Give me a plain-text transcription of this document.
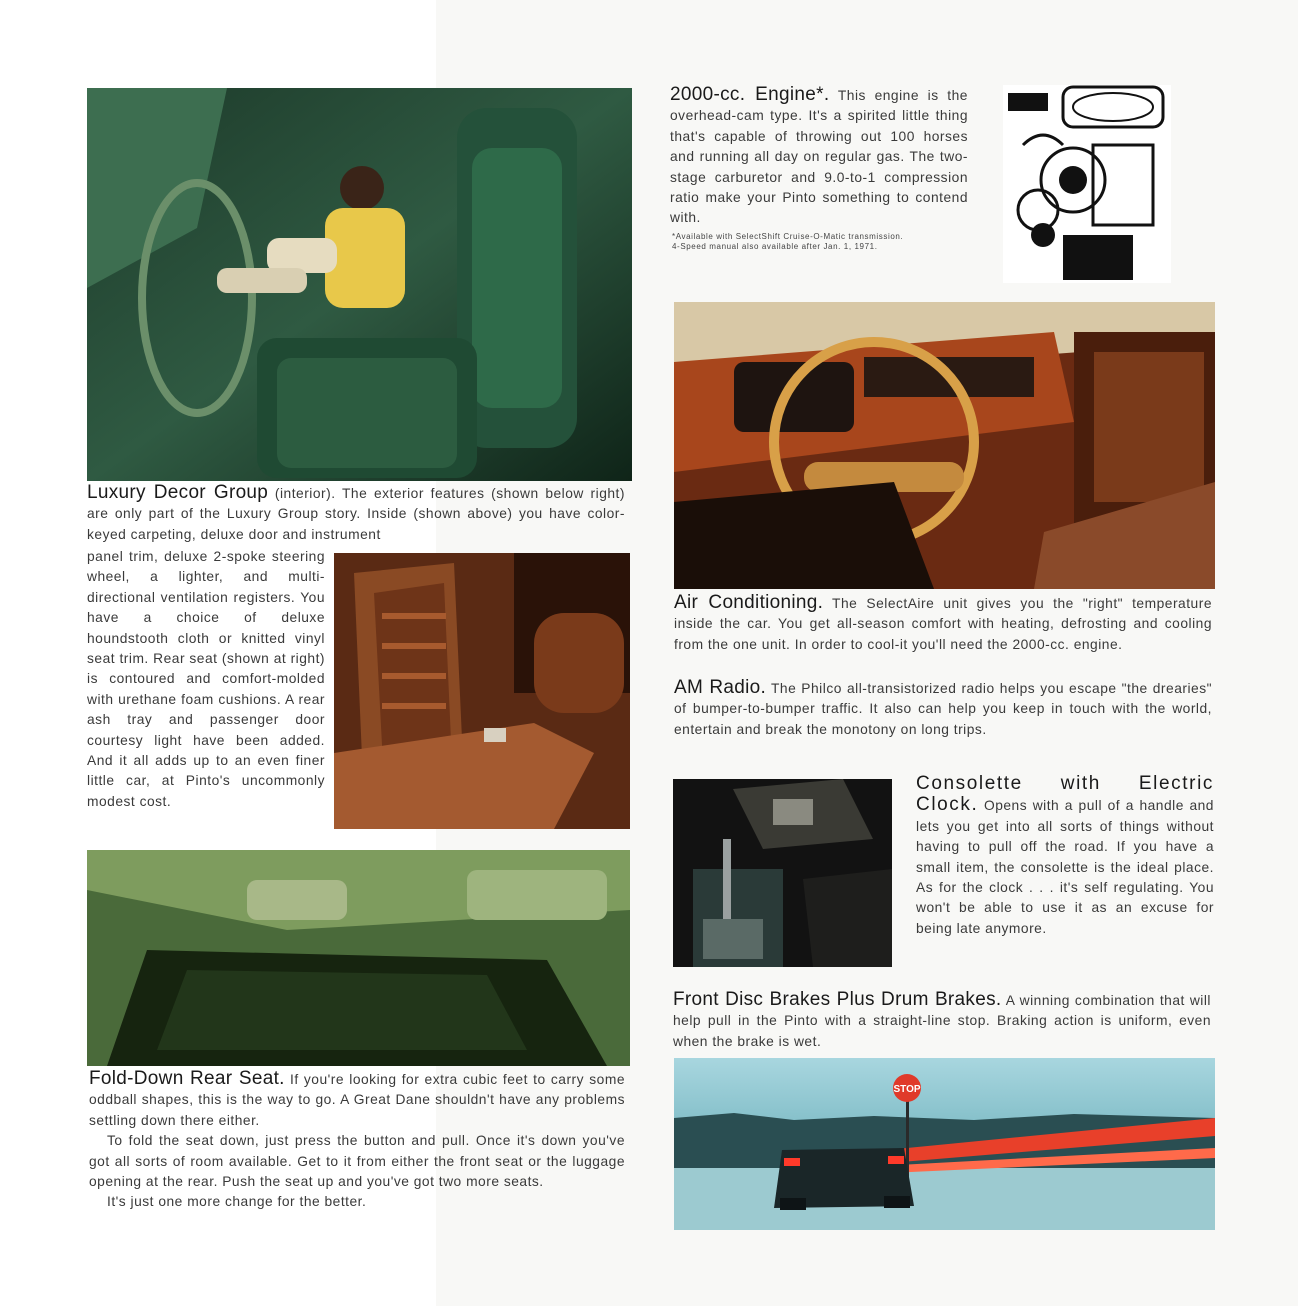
Luxury Decor Group (interior). The exterior features (shown below right) are only part of the Luxury Group story. Inside (shown above) you have color-keyed carpeting, deluxe door and instrument

panel trim, deluxe 2-spoke steering wheel, a lighter, and multi-directional ventilation registers. You have a choice of deluxe houndstooth cloth or knitted vinyl seat trim. Rear seat (shown at right) is contoured and comfort-molded with urethane foam cushions. A rear ash tray and passenger door courtesy light have been added. And it all adds up to an even finer little car, at Pinto's uncommonly modest cost.

Fold-Down Rear Seat. If you're looking for extra cubic feet to carry some oddball shapes, this is the way to go. A Great Dane shouldn't have any problems settling down there either.

To fold the seat down, just press the button and pull. Once it's down you've got all sorts of room available. Get to it from either the front seat or the luggage opening at the rear. Push the seat up and you've got two more seats.

It's just one more change for the better.

2000-cc. Engine*. This engine is the overhead-cam type. It's a spirited little thing that's capable of throwing out 100 horses and running all day on regular gas. The two-stage carburetor and 9.0-to-1 compression ratio make your Pinto something to contend with.

*Available with SelectShift Cruise-O-Matic transmission.

4-Speed manual also available after Jan. 1, 1971.

Air Conditioning. The SelectAire unit gives you the "right" temperature inside the car. You get all-season comfort with heating, defrosting and cooling from the one unit. In order to cool-it you'll need the 2000-cc. engine.

AM Radio. The Philco all-transistorized radio helps you escape "the drearies" of bumper-to-bumper traffic. It also can help you keep in touch with the world, entertain and break the monotony on long trips.

Consolette with Electric Clock. Opens with a pull of a handle and lets you get into all sorts of things without having to pull off the road. If you have a small item, the consolette is the ideal place. As for the clock . . . it's self regulating. You won't be able to use it as an excuse for being late anymore.

Front Disc Brakes Plus Drum Brakes. A winning combination that will help pull in the Pinto with a straight-line stop. Braking action is uniform, even when the brake is wet.

STOP
